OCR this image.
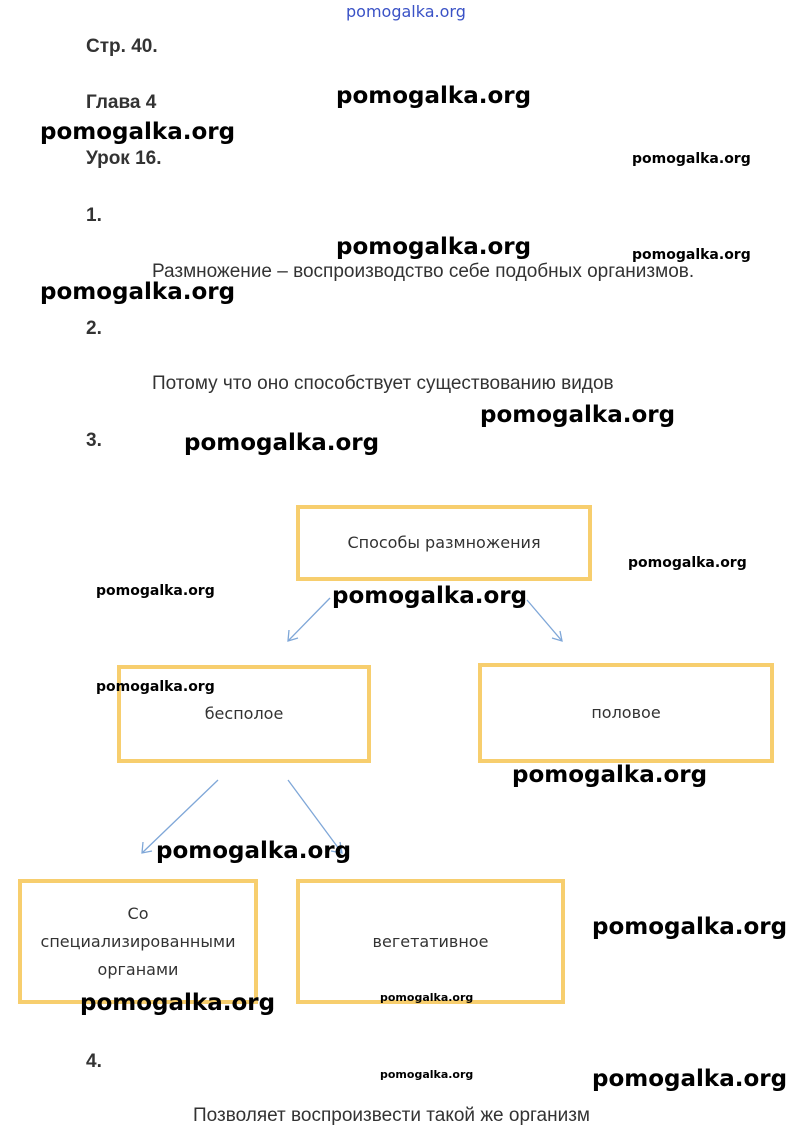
pomogalka.org
Стр. 40.
Глава 4
Урок 16.
1.
Размножение – воспроизводство себе подобных организмов.
2.
Потому что оно способствует существованию видов
3.
Способы размножения
бесполое	половое
Со
специализированными
органами
вегетативное
4.
Позволяет воспроизвести такой же организм
pomogalka.org
pomogalka.org
pomogalka.org
pomogalka.org	pomogalka.org
pomogalka.org
pomogalka.org
pomogalka.org
pomogalka.org
pomogalka.org	pomogalka.org
pomogalka.org
pomogalka.org
pomogalka.org
pomogalka.org
pomogalka.org
pomogalka.org
pomogalka.org	pomogalka.org
